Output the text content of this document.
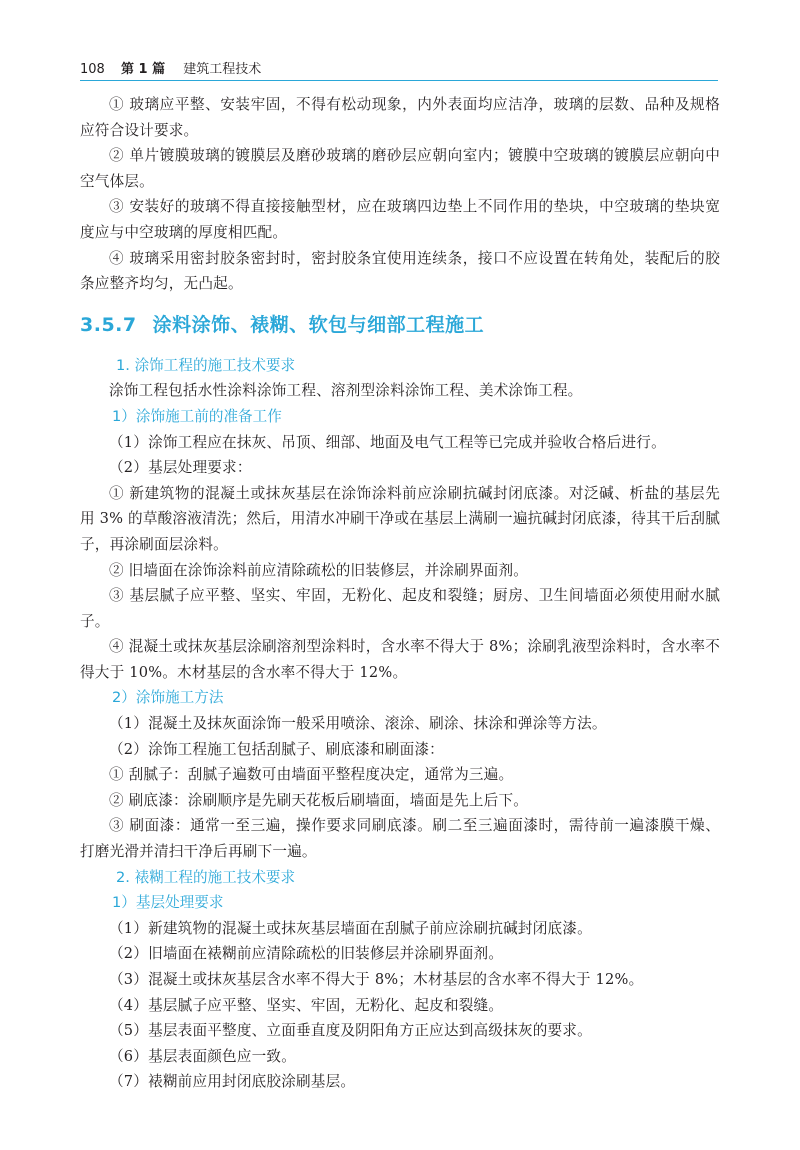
108 第 1 篇 建筑工程技术

① 玻璃应平整、安装牢固，不得有松动现象，内外表面均应洁净，玻璃的层数、品种及规格应符合设计要求。

② 单片镀膜玻璃的镀膜层及磨砂玻璃的磨砂层应朝向室内；镀膜中空玻璃的镀膜层应朝向中空气体层。

③ 安装好的玻璃不得直接接触型材，应在玻璃四边垫上不同作用的垫块，中空玻璃的垫块宽度应与中空玻璃的厚度相匹配。

④ 玻璃采用密封胶条密封时，密封胶条宜使用连续条，接口不应设置在转角处，装配后的胶条应整齐均匀，无凸起。

3.5.7 涂料涂饰、裱糊、软包与细部工程施工

1. 涂饰工程的施工技术要求

涂饰工程包括水性涂料涂饰工程、溶剂型涂料涂饰工程、美术涂饰工程。

1）涂饰施工前的准备工作

（1）涂饰工程应在抹灰、吊顶、细部、地面及电气工程等已完成并验收合格后进行。

（2）基层处理要求：

① 新建筑物的混凝土或抹灰基层在涂饰涂料前应涂刷抗碱封闭底漆。对泛碱、析盐的基层先用 3% 的草酸溶液清洗；然后，用清水冲刷干净或在基层上满刷一遍抗碱封闭底漆，待其干后刮腻子，再涂刷面层涂料。

② 旧墙面在涂饰涂料前应清除疏松的旧装修层，并涂刷界面剂。

③ 基层腻子应平整、坚实、牢固，无粉化、起皮和裂缝；厨房、卫生间墙面必须使用耐水腻子。

④ 混凝土或抹灰基层涂刷溶剂型涂料时，含水率不得大于 8%；涂刷乳液型涂料时，含水率不得大于 10%。木材基层的含水率不得大于 12%。

2）涂饰施工方法

（1）混凝土及抹灰面涂饰一般采用喷涂、滚涂、刷涂、抹涂和弹涂等方法。

（2）涂饰工程施工包括刮腻子、刷底漆和刷面漆：

① 刮腻子：刮腻子遍数可由墙面平整程度决定，通常为三遍。

② 刷底漆：涂刷顺序是先刷天花板后刷墙面，墙面是先上后下。

③ 刷面漆：通常一至三遍，操作要求同刷底漆。刷二至三遍面漆时，需待前一遍漆膜干燥、打磨光滑并清扫干净后再刷下一遍。

2. 裱糊工程的施工技术要求

1）基层处理要求

（1）新建筑物的混凝土或抹灰基层墙面在刮腻子前应涂刷抗碱封闭底漆。

（2）旧墙面在裱糊前应清除疏松的旧装修层并涂刷界面剂。

（3）混凝土或抹灰基层含水率不得大于 8%；木材基层的含水率不得大于 12%。

（4）基层腻子应平整、坚实、牢固，无粉化、起皮和裂缝。

（5）基层表面平整度、立面垂直度及阴阳角方正应达到高级抹灰的要求。

（6）基层表面颜色应一致。

（7）裱糊前应用封闭底胶涂刷基层。
